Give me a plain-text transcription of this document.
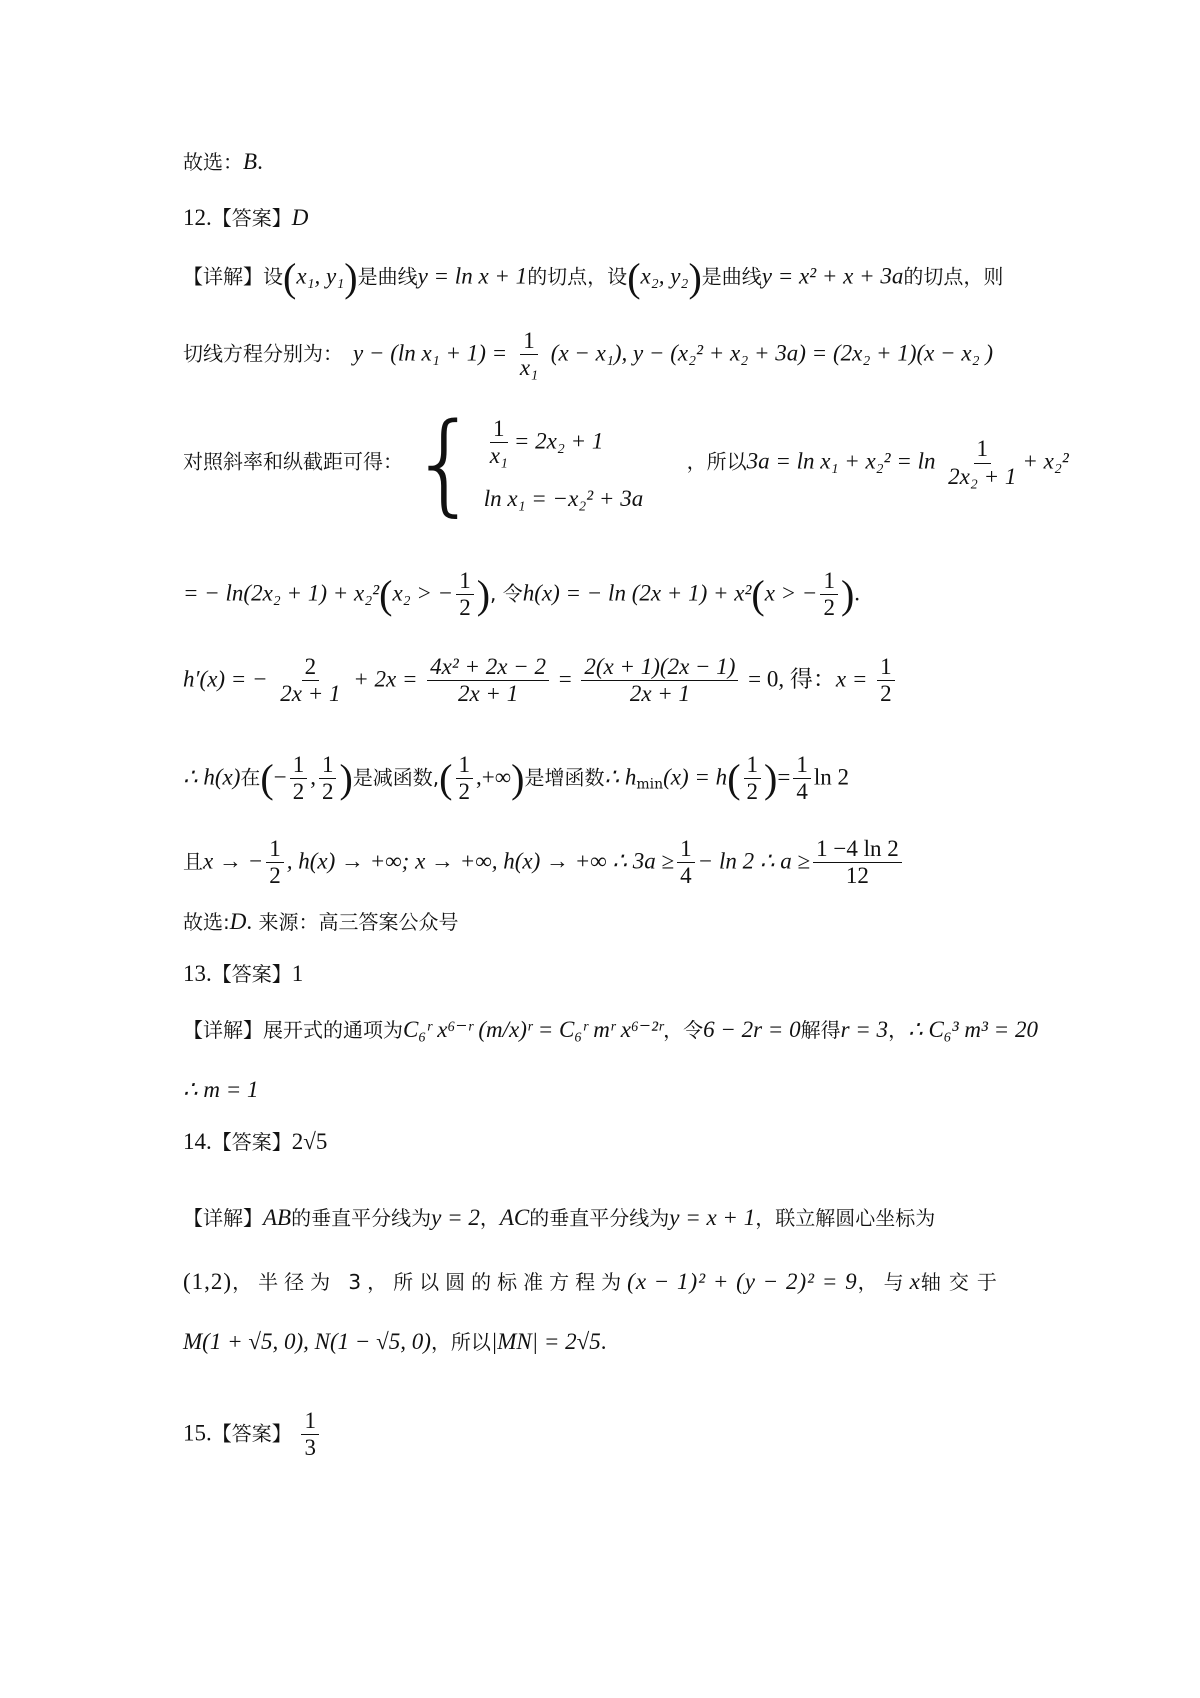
故选：B.
12.【答案】D
【详解】设(x₁, y₁)是曲线y = ln x + 1的切点，设(x₂, y₂)是曲线y = x² + x + 3a的切点，则
切线方程分别为： y − (ln $x_1 + 1) = \frac{1}{\text{x₁}} (x - x_1)$, y − (x₂² + x₂ + 3a) = (2x₂ + 1)(x − x₂ )
对照斜率和纵截距可得： { $\frac{1}{\text{x₁}} = 2x_2 + 1$
ln x₁ = −x₂² + 3a
，所以$3a = \ln x_1 + x_2^2 = \ln \frac{1}{\text{2x₂ + 1}} + x_2^2$
= − ln(2x₂ + 1) + x₂²(x₂ > − $\frac{1}{2}$ ), 令h(x) = − ln (2x + 1) + x²(x > − $\frac{1}{2}$ ).
h′(x) = − $\frac{2}{2x + 1} + 2x = \frac{\text{4x² + 2x − 2}}{2x + 1} = \frac{2(x + 1)(2x - 1)}{2x + 1} = 0$, 得：$x = \frac{1}{2}$
∴ h(x)在(− $\frac{1}{2}$ , $\frac{1}{2}$ )是减函数,( $\frac{1}{2}$ ,+∞)是增函数∴ $h_{min}(x) = h( \frac{1}{2}$ )= $\frac{1}{4}$ ln 2
且x → − $\frac{1}{2}$ , h(x) → +∞; x → +∞, h(x) → +∞ ∴ $3a \ge \frac{1}{4} - \ln 2$ ∴ $a \ge \frac{1 -4 \ln 2}{12}$
故选:D. 来源：高三答案公众号
13.【答案】1
【详解】展开式的通项为C₆ʳ x⁶⁻ʳ (m/x)ʳ = C₆ʳ mʳ x⁶⁻²ʳ，令6 − 2r = 0解得r = 3，∴ C₆³ m³ = 20
∴ m = 1
14.【答案】2√5
【详解】AB的垂直平分线为y = 2，AC的垂直平分线为y = x + 1，联立解圆心坐标为
(1,2)，半径为 3，所以圆的标准方程为(x − 1)² + (y − 2)² = 9，与x轴交于
M(1 + √5, 0), N(1 − √5, 0)，所以|MN| = 2√5.
15.【答案】 $\frac{1}{3}$
